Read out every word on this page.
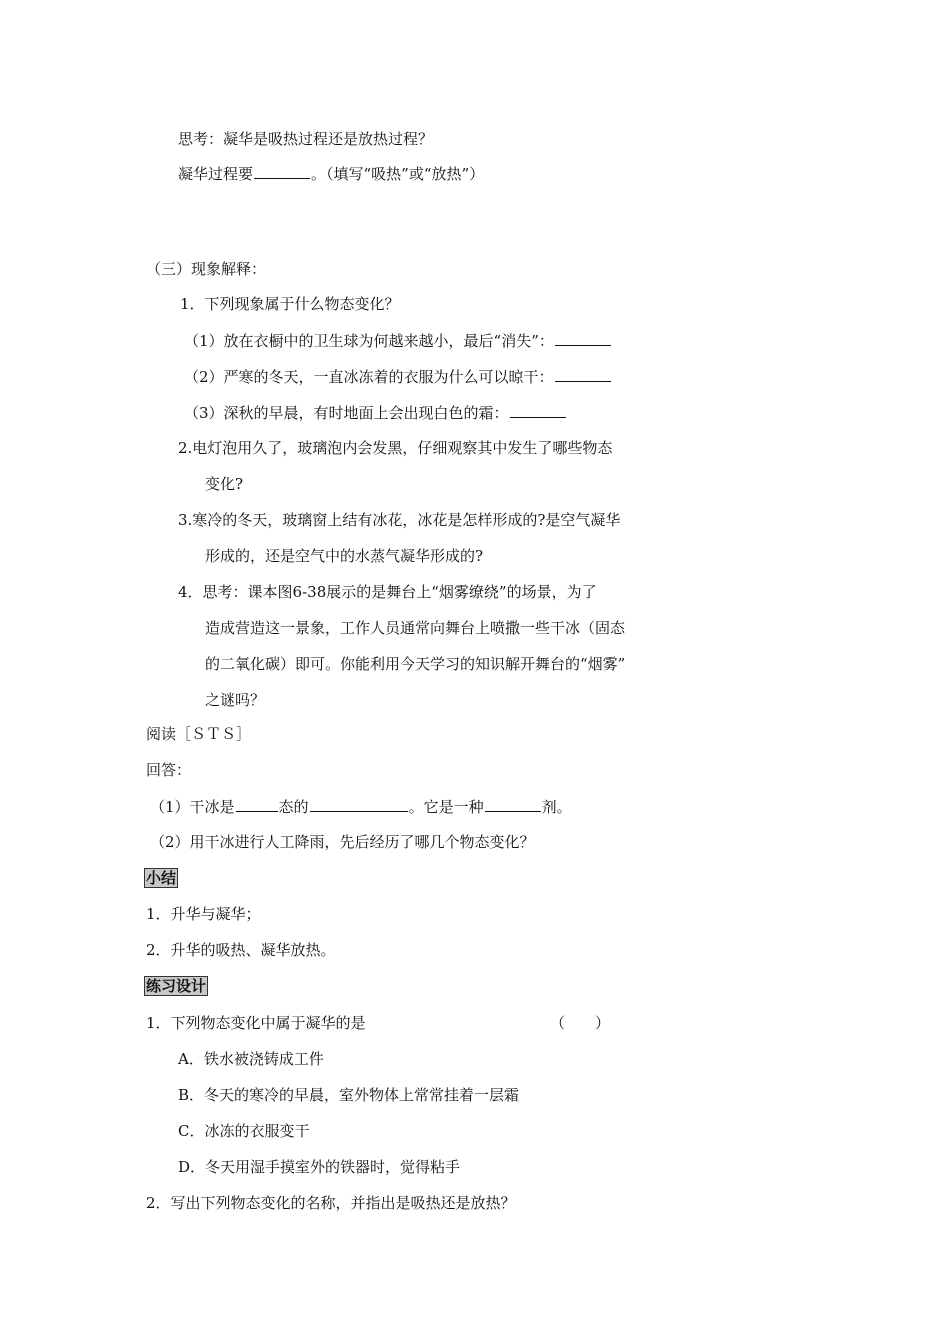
思考：凝华是吸热过程还是放热过程？
凝华过程要	。（填写“吸热”或“放热”）
（三）现象解释：
1．下列现象属于什么物态变化？
（1）放在衣橱中的卫生球为何越来越小，最后“消失”：
（2）严寒的冬天，一直冰冻着的衣服为什么可以晾干：
（3）深秋的早晨，有时地面上会出现白色的霜：
2.电灯泡用久了，玻璃泡内会发黑，仔细观察其中发生了哪些物态
变化?
3.寒冷的冬天，玻璃窗上结有冰花，冰花是怎样形成的?是空气凝华
形成的，还是空气中的水蒸气凝华形成的?
4．思考：课本图6-38展示的是舞台上“烟雾缭绕”的场景，为了
造成营造这一景象，工作人员通常向舞台上喷撒一些干冰（固态
的二氧化碳）即可。你能利用今天学习的知识解开舞台的“烟雾”
之谜吗？
阅读［ＳＴＳ］
回答：
（1）干冰是	态的	。它是一种	剂。
（2）用干冰进行人工降雨，先后经历了哪几个物态变化？
小结
1．升华与凝华；
2．升华的吸热、凝华放热。
练习设计
1．下列物态变化中属于凝华的是	（　　）
A．铁水被浇铸成工件
B．冬天的寒冷的早晨，室外物体上常常挂着一层霜
C．冰冻的衣服变干
D．冬天用湿手摸室外的铁器时，觉得粘手
2．写出下列物态变化的名称，并指出是吸热还是放热？
